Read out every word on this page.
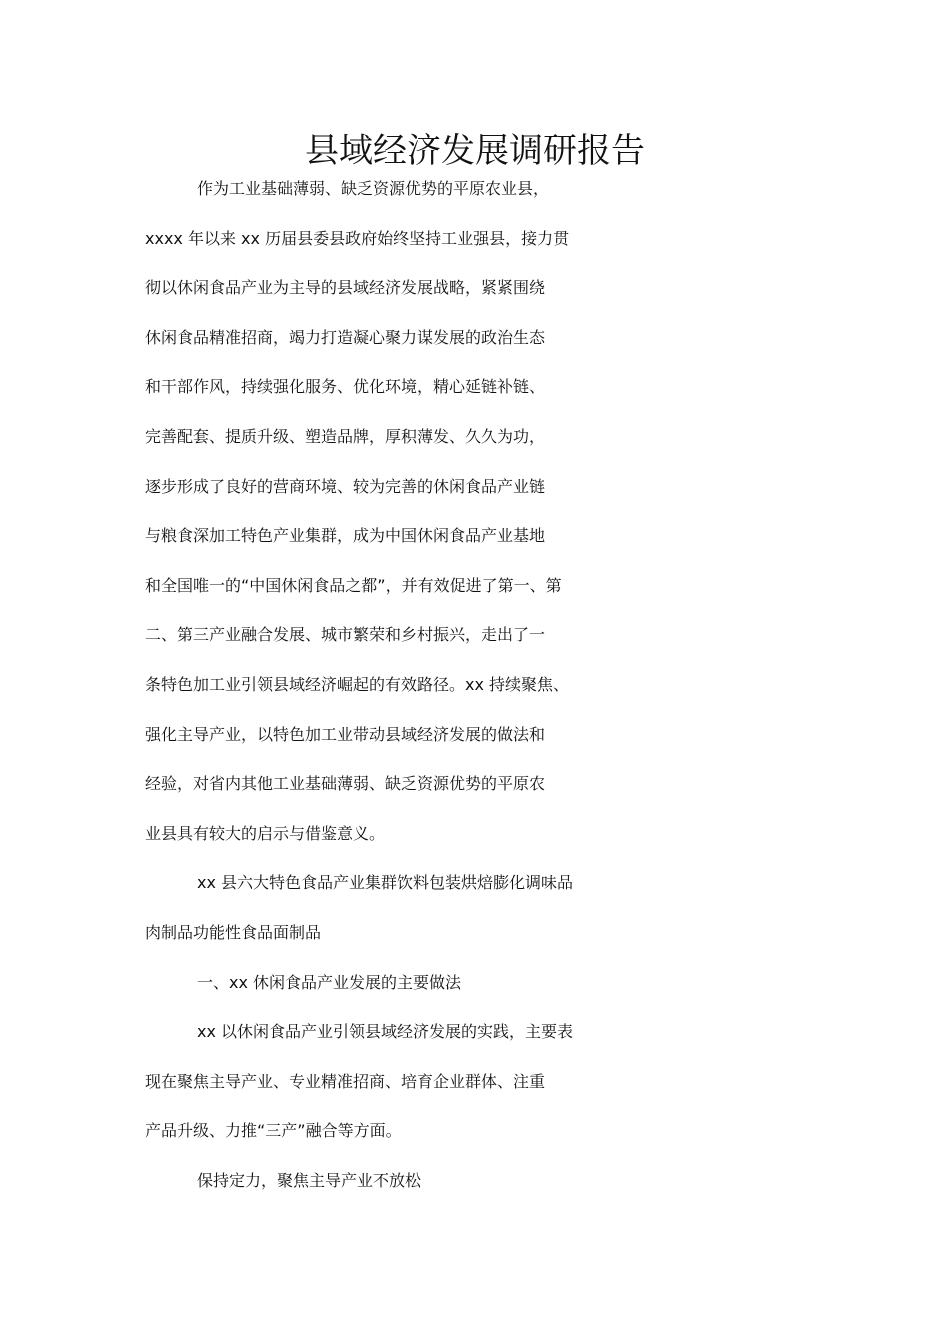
县域经济发展调研报告
作为工业基础薄弱、缺乏资源优势的平原农业县，
xxxx 年以来 xx 历届县委县政府始终坚持工业强县，接力贯
彻以休闲食品产业为主导的县域经济发展战略，紧紧围绕
休闲食品精准招商，竭力打造凝心聚力谋发展的政治生态
和干部作风，持续强化服务、优化环境，精心延链补链、
完善配套、提质升级、塑造品牌，厚积薄发、久久为功，
逐步形成了良好的营商环境、较为完善的休闲食品产业链
与粮食深加工特色产业集群，成为中国休闲食品产业基地
和全国唯一的“中国休闲食品之都”，并有效促进了第一、第
二、第三产业融合发展、城市繁荣和乡村振兴，走出了一
条特色加工业引领县域经济崛起的有效路径。xx 持续聚焦、
强化主导产业，以特色加工业带动县域经济发展的做法和
经验，对省内其他工业基础薄弱、缺乏资源优势的平原农
业县具有较大的启示与借鉴意义。
xx 县六大特色食品产业集群饮料包装烘焙膨化调味品
肉制品功能性食品面制品
一、xx 休闲食品产业发展的主要做法
xx 以休闲食品产业引领县域经济发展的实践，主要表
现在聚焦主导产业、专业精准招商、培育企业群体、注重
产品升级、力推“三产”融合等方面。
保持定力，聚焦主导产业不放松
